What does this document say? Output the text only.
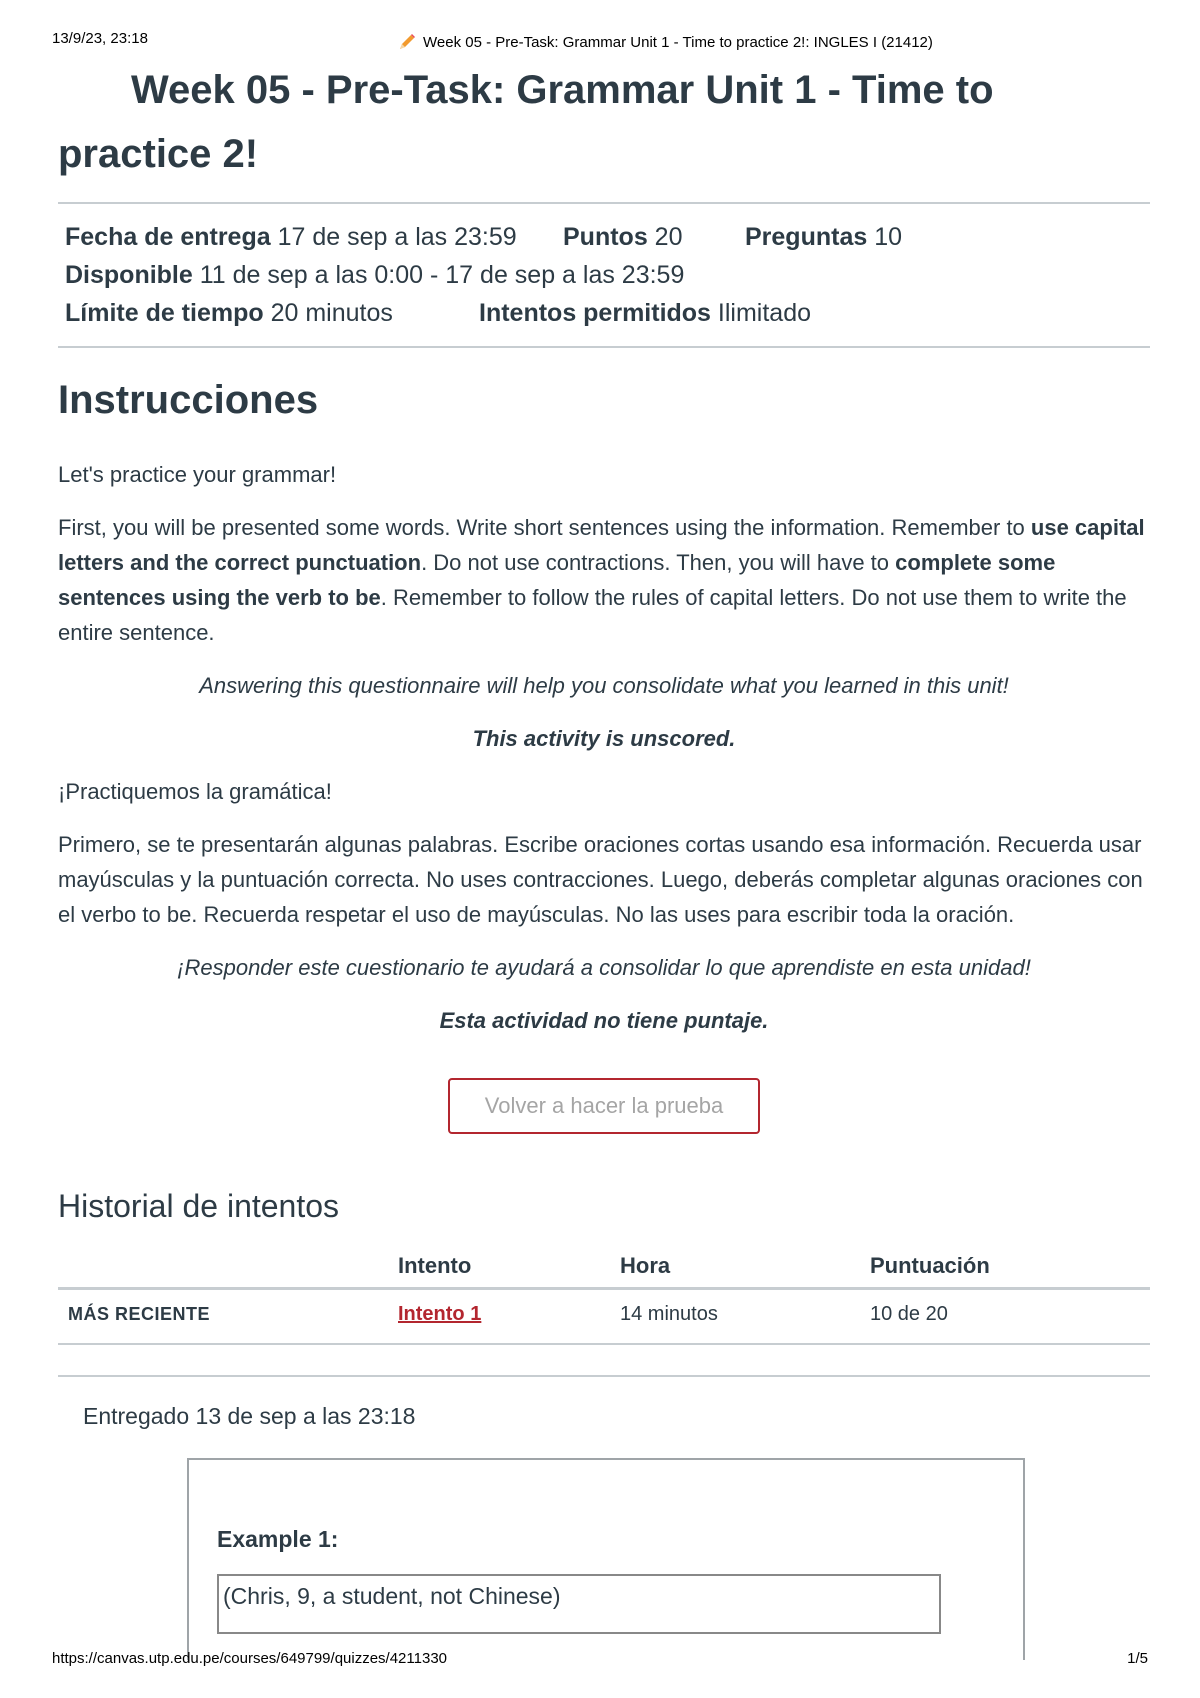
13/9/23, 23:18	Week 05 - Pre-Task: Grammar Unit 1 - Time to practice 2!: INGLES I (21412)
Week 05 - Pre-Task: Grammar Unit 1 - Time to practice 2!
Fecha de entrega 17 de sep a las 23:59	Puntos 20	Preguntas 10
Disponible 11 de sep a las 0:00 - 17 de sep a las 23:59
Límite de tiempo 20 minutos	Intentos permitidos Ilimitado
Instrucciones

Let's practice your grammar!

First, you will be presented some words. Write short sentences using the information. Remember to use capital letters and the correct punctuation. Do not use contractions. Then, you will have to complete some sentences using the verb to be. Remember to follow the rules of capital letters. Do not use them to write the entire sentence.

Answering this questionnaire will help you consolidate what you learned in this unit!

This activity is unscored.

¡Practiquemos la gramática!

Primero, se te presentarán algunas palabras. Escribe oraciones cortas usando esa información. Recuerda usar mayúsculas y la puntuación correcta. No uses contracciones. Luego, deberás completar algunas oraciones con el verbo to be. Recuerda respetar el uso de mayúsculas. No las uses para escribir toda la oración.

¡Responder este cuestionario te ayudará a consolidar lo que aprendiste en esta unidad!

Esta actividad no tiene puntaje.

Volver a hacer la prueba
Historial de intentos
	Intento	Hora	Puntuación
MÁS RECIENTE	Intento 1	14 minutos	10 de 20
Entregado 13 de sep a las 23:18
Example 1:
(Chris, 9, a student, not Chinese)
https://canvas.utp.edu.pe/courses/649799/quizzes/4211330	1/5
